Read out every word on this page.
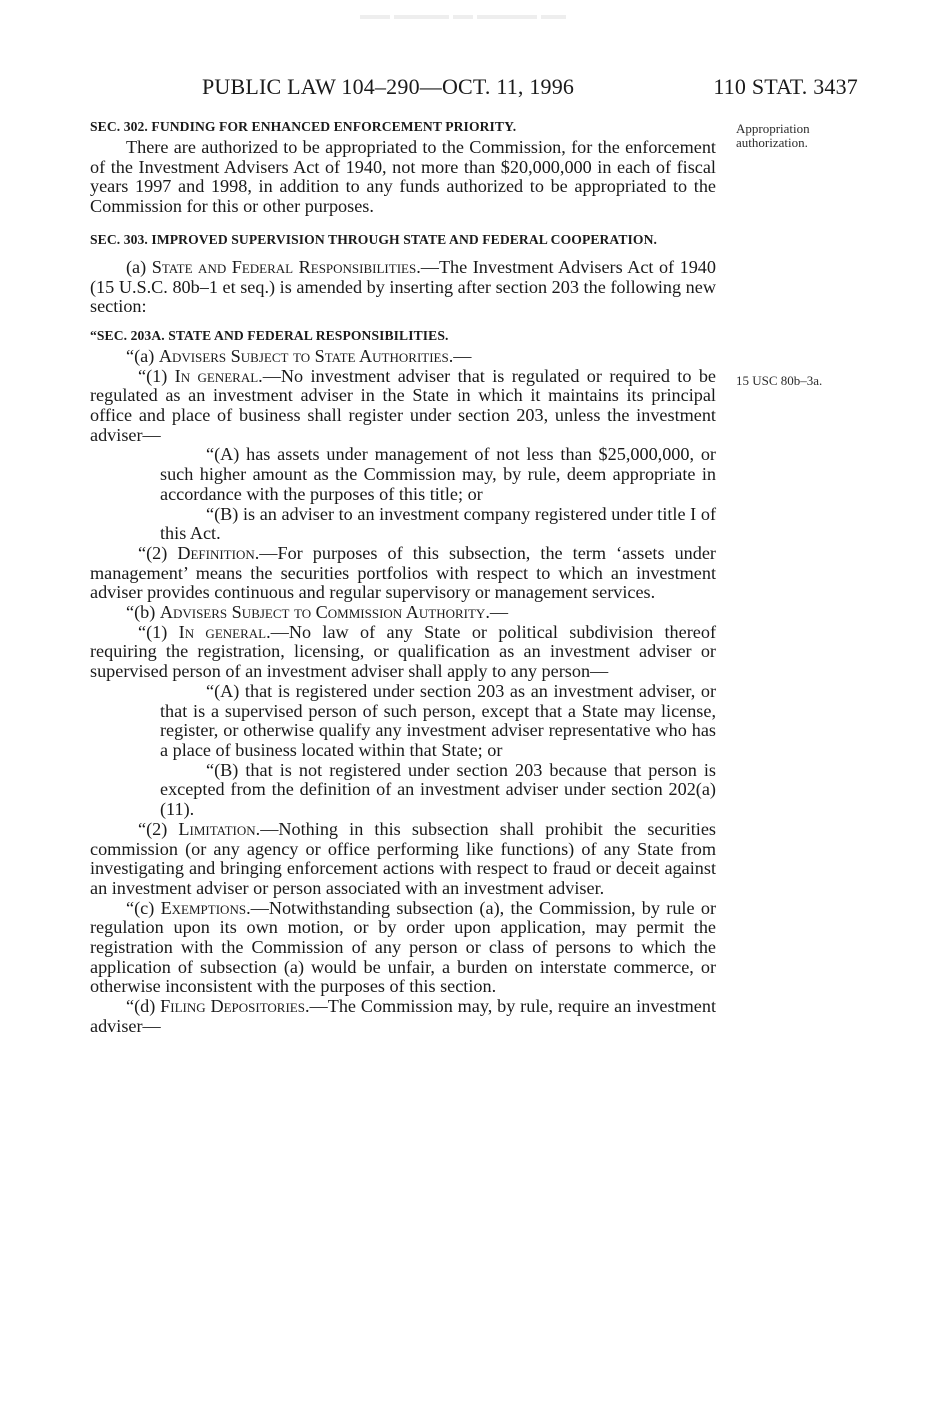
PUBLIC LAW 104–290—OCT. 11, 1996	110 STAT. 3437
Appropriation
authorization.
15 USC 80b–3a.

SEC. 302. FUNDING FOR ENHANCED ENFORCEMENT PRIORITY.

There are authorized to be appropriated to the Commission, for the enforcement of the Investment Advisers Act of 1940, not more than $20,000,000 in each of fiscal years 1997 and 1998, in addition to any funds authorized to be appropriated to the Commission for this or other purposes.

SEC. 303. IMPROVED SUPERVISION THROUGH STATE AND FEDERAL COOPERATION.

(a) State and Federal Responsibilities.—The Investment Advisers Act of 1940 (15 U.S.C. 80b–1 et seq.) is amended by inserting after section 203 the following new section:

“SEC. 203A. STATE AND FEDERAL RESPONSIBILITIES.

“(a) Advisers Subject to State Authorities.—

“(1) In general.—No investment adviser that is regulated or required to be regulated as an investment adviser in the State in which it maintains its principal office and place of business shall register under section 203, unless the investment adviser—

“(A) has assets under management of not less than $25,000,000, or such higher amount as the Commission may, by rule, deem appropriate in accordance with the purposes of this title; or

“(B) is an adviser to an investment company registered under title I of this Act.

“(2) Definition.—For purposes of this subsection, the term ‘assets under management’ means the securities portfolios with respect to which an investment adviser provides continuous and regular supervisory or management services.

“(b) Advisers Subject to Commission Authority.—

“(1) In general.—No law of any State or political subdivision thereof requiring the registration, licensing, or qualification as an investment adviser or supervised person of an investment adviser shall apply to any person—

“(A) that is registered under section 203 as an investment adviser, or that is a supervised person of such person, except that a State may license, register, or otherwise qualify any investment adviser representative who has a place of business located within that State; or

“(B) that is not registered under section 203 because that person is excepted from the definition of an investment adviser under section 202(a)(11).

“(2) Limitation.—Nothing in this subsection shall prohibit the securities commission (or any agency or office performing like functions) of any State from investigating and bringing enforcement actions with respect to fraud or deceit against an investment adviser or person associated with an investment adviser.

“(c) Exemptions.—Notwithstanding subsection (a), the Commission, by rule or regulation upon its own motion, or by order upon application, may permit the registration with the Commission of any person or class of persons to which the application of subsection (a) would be unfair, a burden on interstate commerce, or otherwise inconsistent with the purposes of this section.

“(d) Filing Depositories.—The Commission may, by rule, require an investment adviser—
